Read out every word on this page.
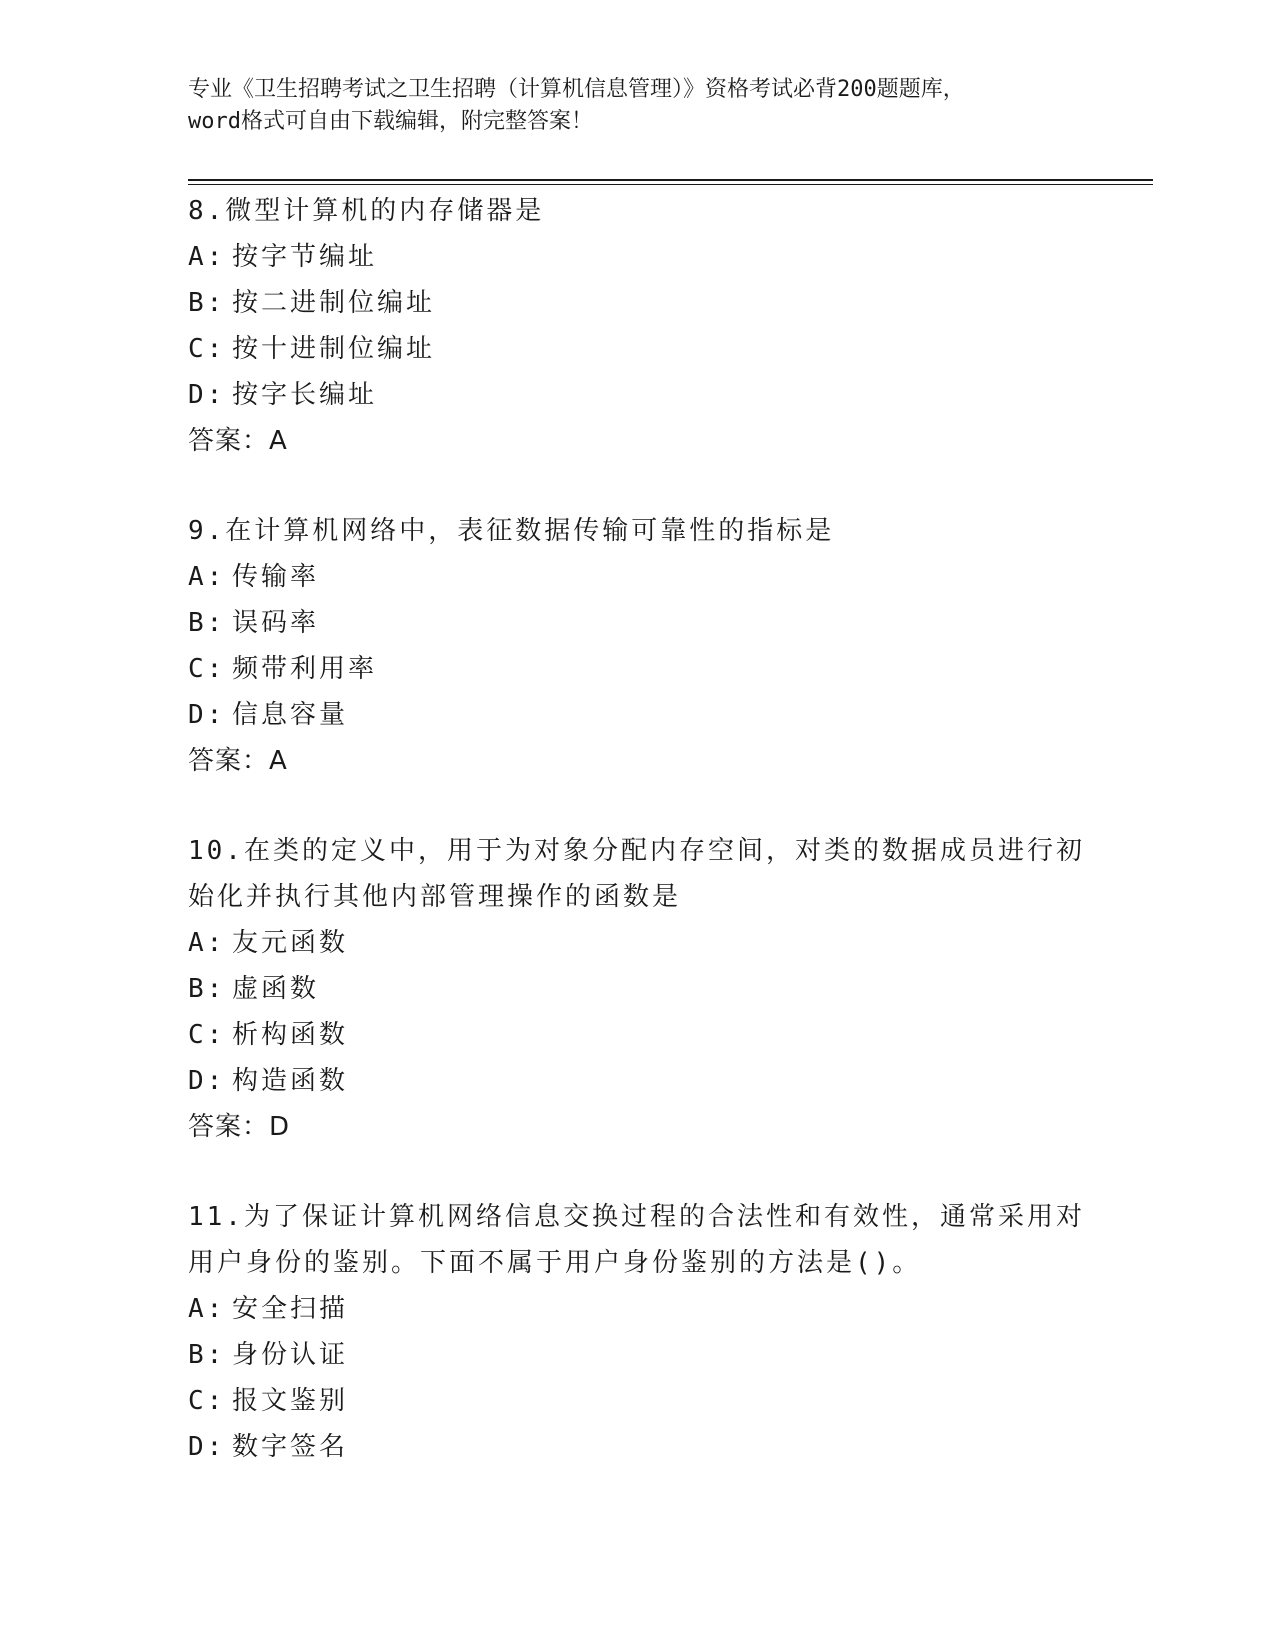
专业《卫生招聘考试之卫生招聘（计算机信息管理）》资格考试必背200题题库，
word格式可自由下载编辑，附完整答案！
8.微型计算机的内存储器是
A: 按字节编址
B: 按二进制位编址
C: 按十进制位编址
D: 按字长编址
答案：A
9.在计算机网络中，表征数据传输可靠性的指标是
A: 传输率
B: 误码率
C: 频带利用率
D: 信息容量
答案：A
10.在类的定义中，用于为对象分配内存空间，对类的数据成员进行初始化并执行其他内部管理操作的函数是
A: 友元函数
B: 虚函数
C: 析构函数
D: 构造函数
答案：D
11.为了保证计算机网络信息交换过程的合法性和有效性，通常采用对用户身份的鉴别。下面不属于用户身份鉴别的方法是()。
A: 安全扫描
B: 身份认证
C: 报文鉴别
D: 数字签名
